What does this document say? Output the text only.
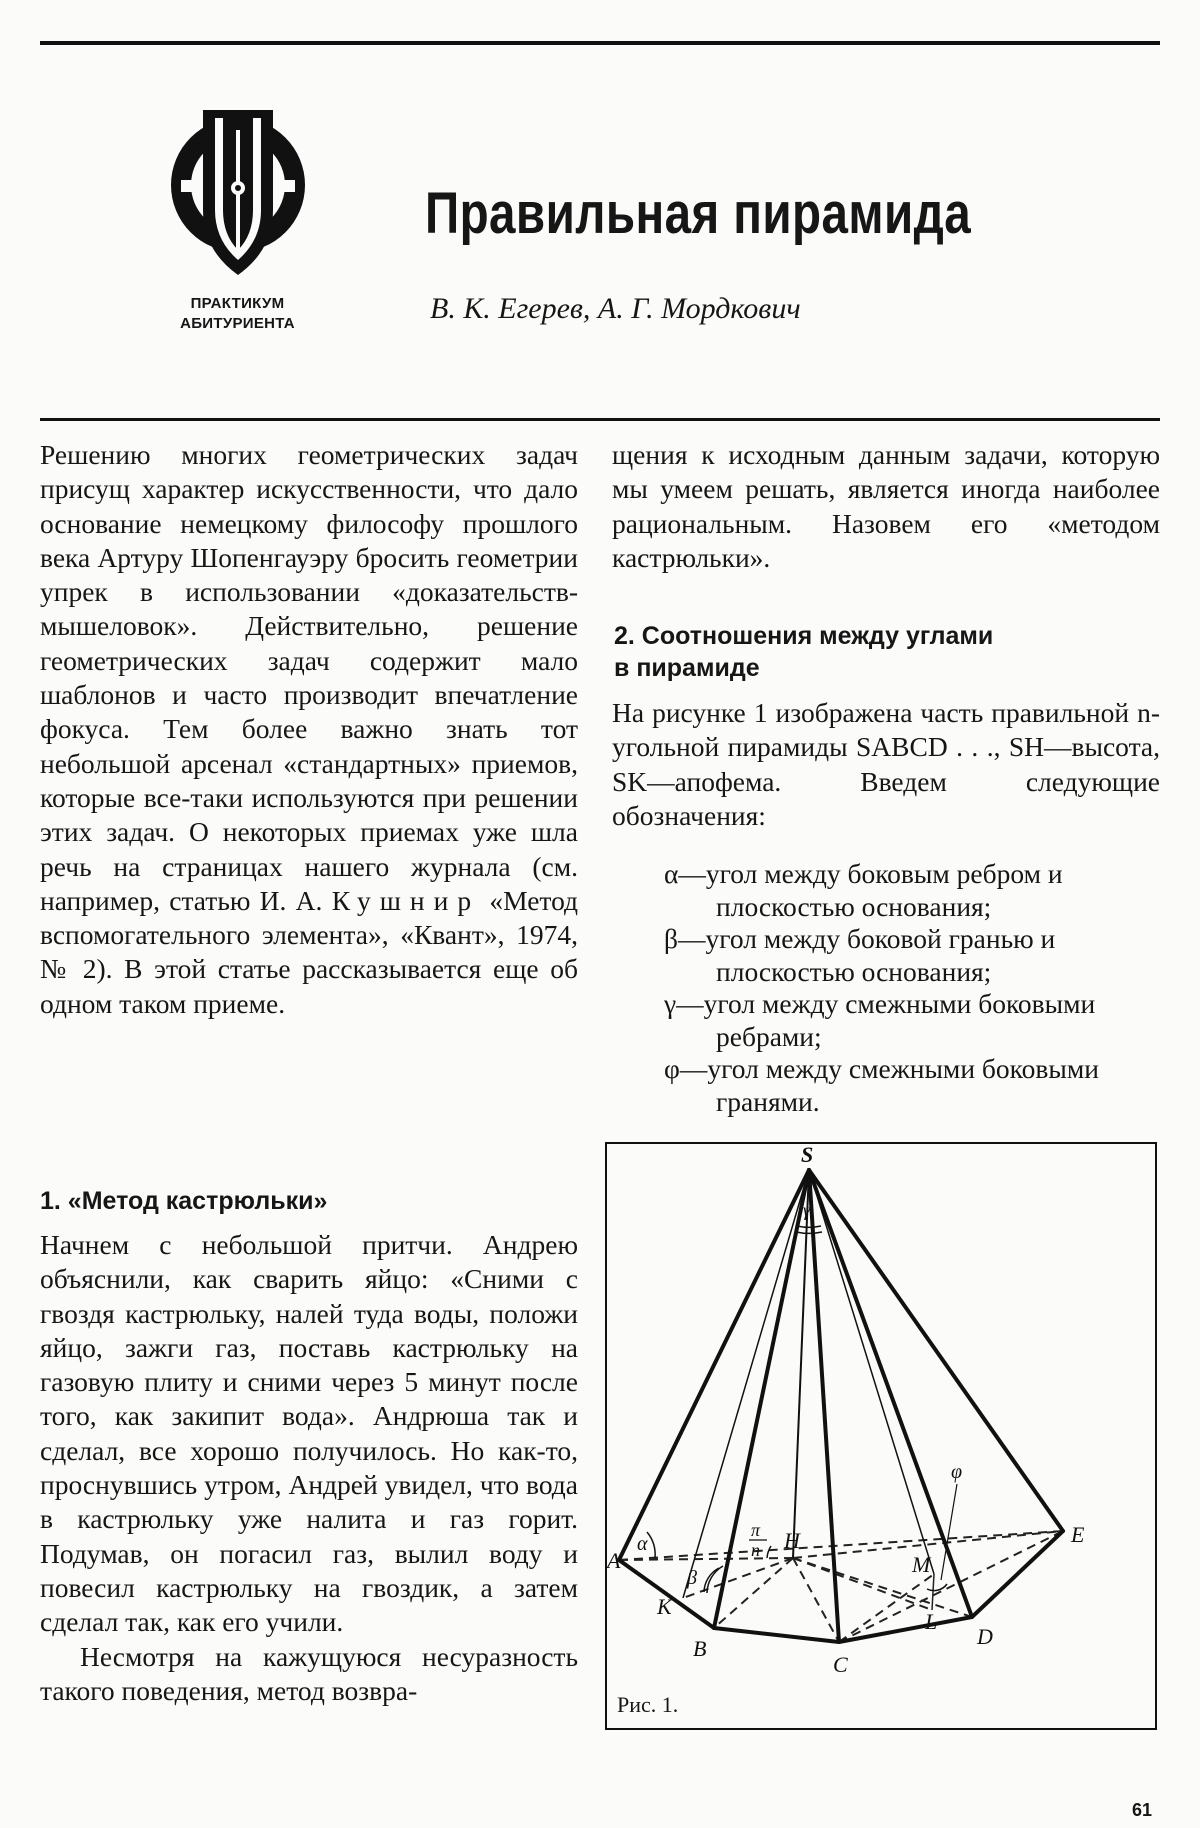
ПРАКТИКУМ
АБИТУРИЕНТА
Правильная пирамида
В. К. Егерев, А. Г. Мордкович

Решению многих геометрических задач присущ характер искусственности, что дало основание немецкому философу прошлого века Артуру Шопенгауэру бросить геометрии упрек в использовании «доказательств-мышеловок». Действительно, решение геометрических задач содержит мало шаблонов и часто производит впечатление фокуса. Тем более важно знать тот небольшой арсенал «стандартных» приемов, которые все-таки используются при решении этих задач. О некоторых приемах уже шла речь на страницах нашего журнала (см. например, статью И. А. Кушнир «Метод вспомогательного элемента», «Квант», 1974, № 2). В этой статье рассказывается еще об одном таком приеме.

1. «Метод кастрюльки»

Начнем с небольшой притчи. Андрею объяснили, как сварить яйцо: «Сними с гвоздя кастрюльку, налей туда воды, положи яйцо, зажги газ, поставь кастрюльку на газовую плиту и сними через 5 минут после того, как закипит вода». Андрюша так и сделал, все хорошо получилось. Но как-то, проснувшись утром, Андрей увидел, что вода в кастрюльку уже налита и газ горит. Подумав, он погасил газ, вылил воду и повесил кастрюльку на гвоздик, а затем сделал так, как его учили.

Несмотря на кажущуюся несуразность такого поведения, метод возвра-

щения к исходным данным задачи, которую мы умеем решать, является иногда наиболее рациональным. Назовем его «методом кастрюльки».

2. Соотношения между углами
в пирамиде

На рисунке 1 изображена часть правильной n-угольной пирамиды SABCD . . ., SH—высота, SK—апофема. Введем следующие обозначения:

α—угол между боковым ребром и плоскостью основания;

β—угол между боковой гранью и плоскостью основания;

γ—угол между смежными боковыми ребрами;

φ—угол между смежными боковыми гранями.

S
A
B
C
D
E
H
K
L
M
α
β
γ
φ
π
n
Рис. 1.
61
